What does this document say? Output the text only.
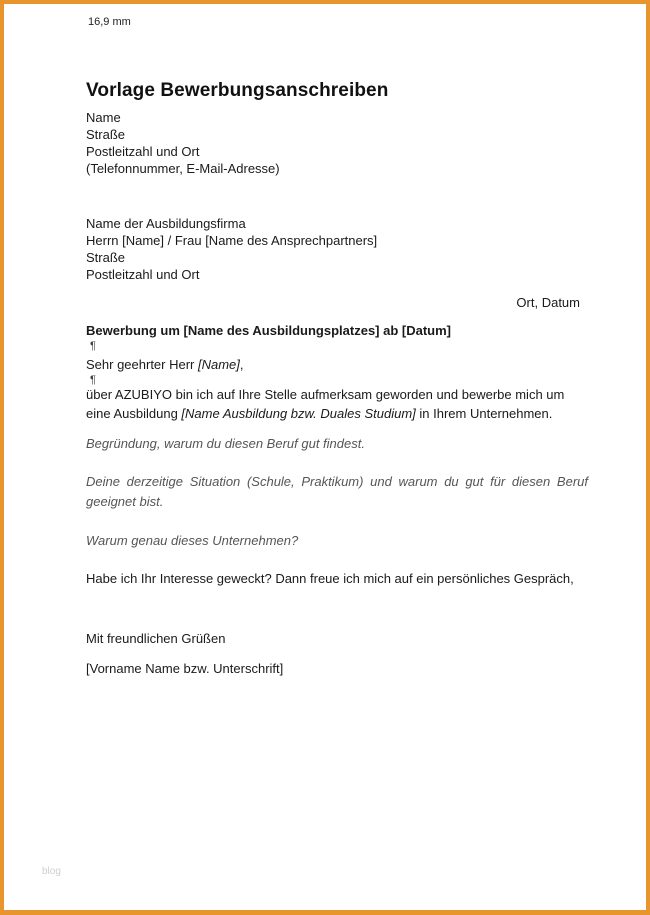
16,9 mm
Vorlage Bewerbungsanschreiben
Name
Straße
Postleitzahl und Ort
(Telefonnummer, E-Mail-Adresse)
Name der Ausbildungsfirma
Herrn [Name] / Frau [Name des Ansprechpartners]
Straße
Postleitzahl und Ort
Ort, Datum
Bewerbung um [Name des Ausbildungsplatzes] ab [Datum]
¶
Sehr geehrter Herr [Name],
¶
über AZUBIYO bin ich auf Ihre Stelle aufmerksam geworden und bewerbe mich um
eine Ausbildung [Name Ausbildung bzw. Duales Studium] in Ihrem Unternehmen.
Begründung, warum du diesen Beruf gut findest.
Deine derzeitige Situation (Schule, Praktikum) und warum du gut für diesen Beruf
geeignet bist.
Warum genau dieses Unternehmen?
Habe ich Ihr Interesse geweckt? Dann freue ich mich auf ein persönliches Gespräch,
Mit freundlichen Grüßen
[Vorname Name bzw. Unterschrift]
blog
